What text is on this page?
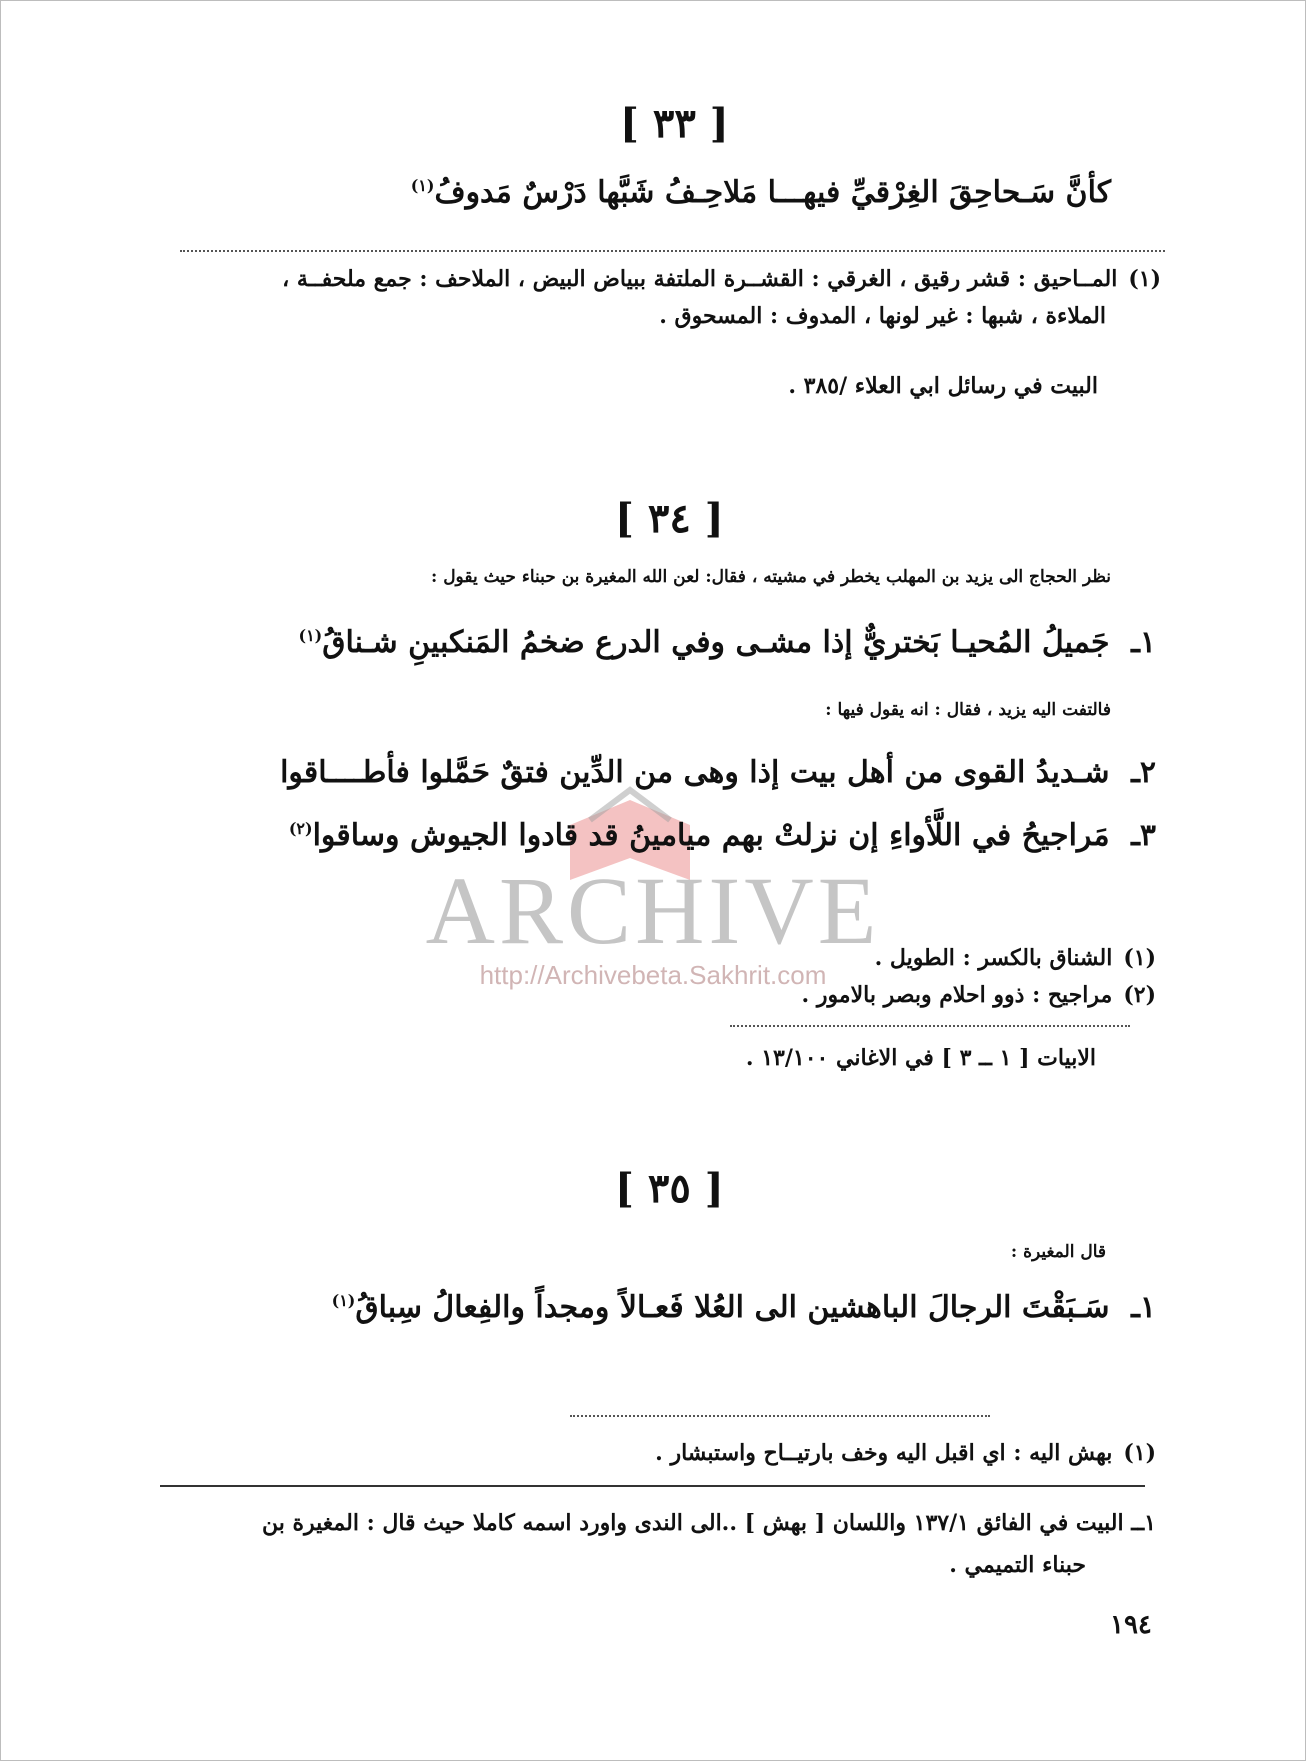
ARCHIVE
http://Archivebeta.Sakhrit.com
[ ٣٣ ]
كأنَّ سَـحاحِقَ الغِرْقيِّ فيهـــا مَلاحِـفُ شَبَّها دَرْسٌ مَدوفُ$^{(١)}$
(١) المــاحيق : قشر رقيق ، الغرقي : القشــرة الملتفة ببياض البيض ، الملاحف : جمع ملحفــة ،
الملاءة ، شبها : غير لونها ، المدوف : المسحوق .
البيت في رسائل ابي العلاء /٣٨٥ .
[ ٣٤ ]
نظر الحجاج الى يزيد بن المهلب يخطر في مشيته ، فقال: لعن الله المغيرة بن حبناء حيث يقول :
١ـ جَميلُ المُحيـا بَختريٌّ إذا مشـى وفي الدرع ضخمُ المَنكبينِ شـناقُ$^{(١)}$
فالتفت اليه يزيد ، فقال : انه يقول فيها :
٢ـ شـديدُ القوى من أهل بيت إذا وهى من الدِّين فتقٌ حَمَّلوا فأطــــاقوا
٣ـ مَراجيحُ في اللَّأواءِ إن نزلتْ بهم ميامينُ قد قادوا الجيوش وساقوا$^{(٢)}$
(١) الشناق بالكسر : الطويل .
(٢) مراجيح : ذوو احلام وبصر بالامور .
الابيات [ ١ ــ ٣ ] في الاغاني ١٣/١٠٠ .
[ ٣٥ ]
قال المغيرة :
١ـ سَـبَقْتَ الرجالَ الباهشين الى العُلا فَعـالاً ومجداً والفِعالُ سِباقُ$^{(١)}$
(١) بهش اليه : اي اقبل اليه وخف بارتيــاح واستبشار .
١ــ البيت في الفائق ١٣٧/١ واللسان [ بهش ] ..الى الندى واورد اسمه كاملا حيث قال : المغيرة بن
حبناء التميمي .
١٩٤
